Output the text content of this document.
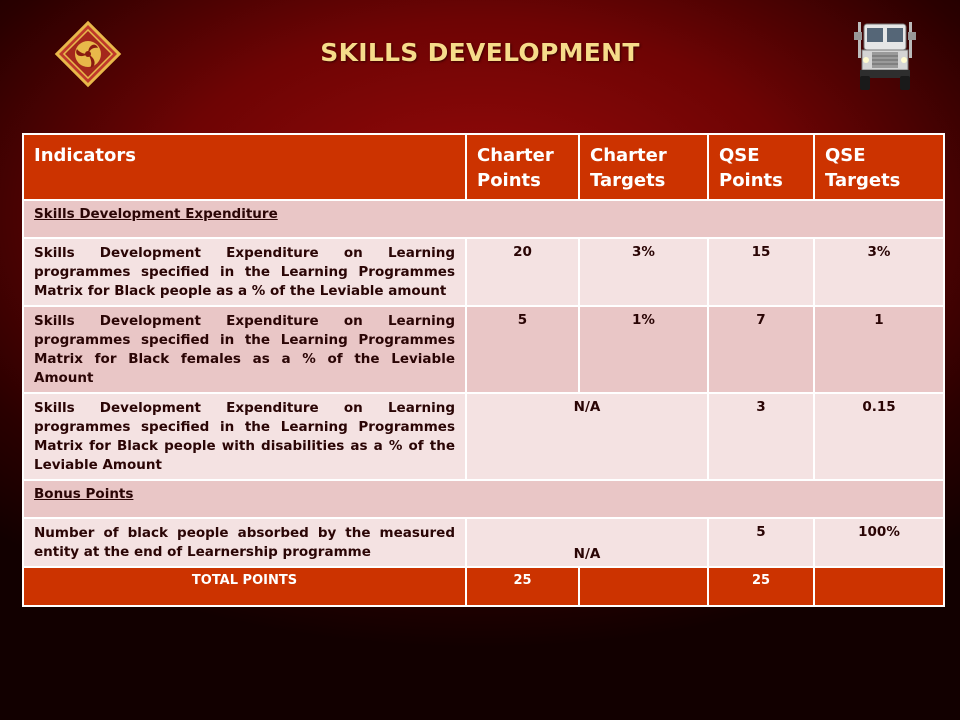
SKILLS DEVELOPMENT
Indicators	Charter Points	Charter Targets	QSE Points	QSE Targets
Skills Development Expenditure				
Skills Development Expenditure on Learning programmes specified in the Learning Programmes Matrix for Black people as a % of the Leviable amount	20	3%	15	3%
Skills Development Expenditure on Learning programmes specified in the Learning Programmes Matrix for Black females as a % of the Leviable Amount	5	1%	7	1
Skills Development Expenditure on Learning programmes specified in the Learning Programmes Matrix for Black people with disabilities as a % of the Leviable Amount	N/A		3	0.15
Bonus Points				
Number of black people absorbed by the measured entity at the end of Learnership programme	N/A		5	100%
TOTAL POINTS	25		25	
